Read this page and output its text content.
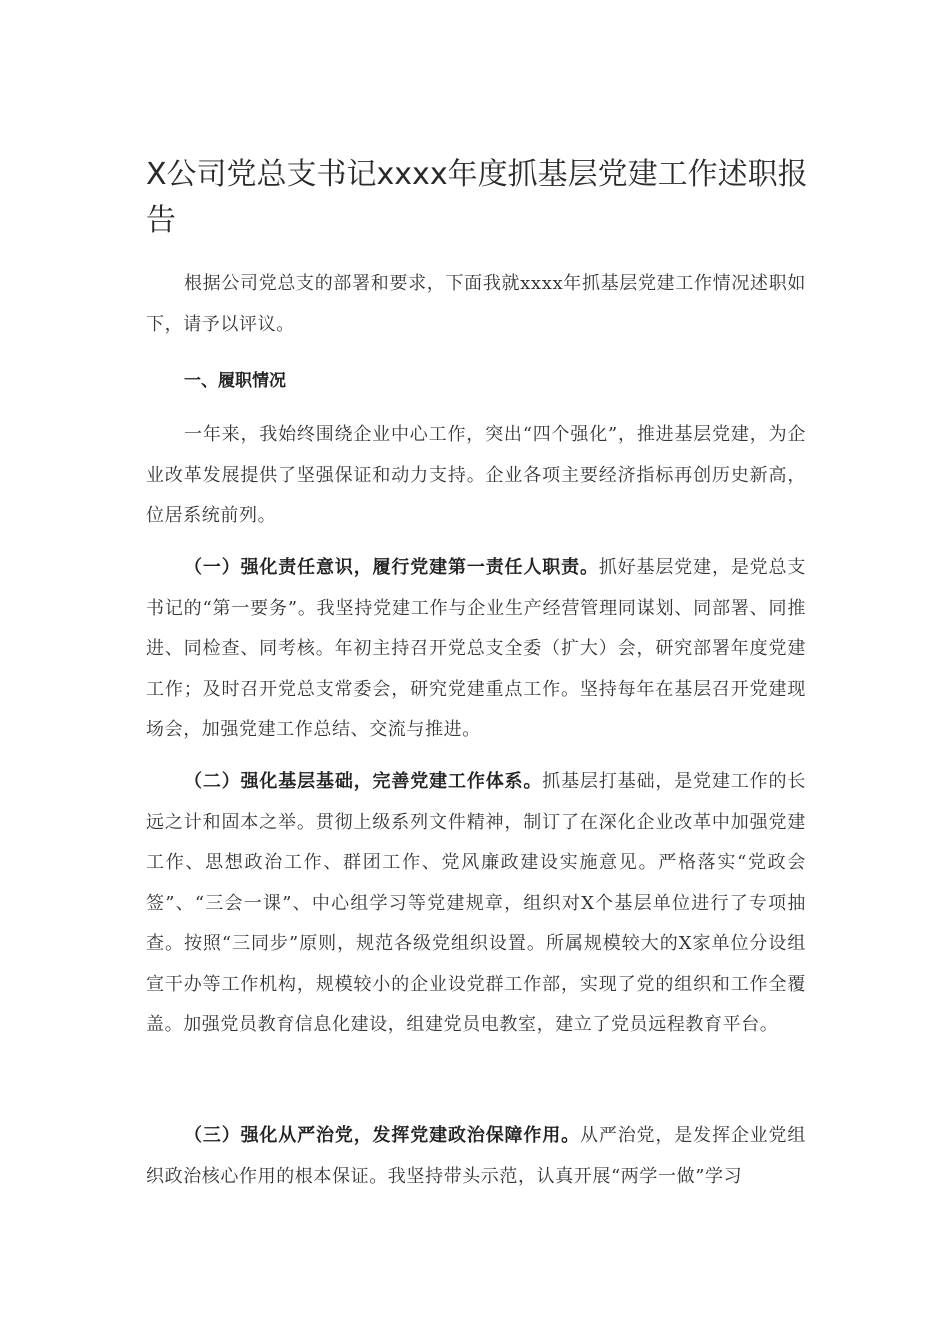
X公司党总支书记xxxx年度抓基层党建工作述职报告

根据公司党总支的部署和要求，下面我就xxxx年抓基层党建工作情况述职如下，请予以评议。

一、履职情况

一年来，我始终围绕企业中心工作，突出“四个强化”，推进基层党建，为企业改革发展提供了坚强保证和动力支持。企业各项主要经济指标再创历史新高，位居系统前列。

（一）强化责任意识，履行党建第一责任人职责。抓好基层党建，是党总支书记的“第一要务”。我坚持党建工作与企业生产经营管理同谋划、同部署、同推进、同检查、同考核。年初主持召开党总支全委（扩大）会，研究部署年度党建工作；及时召开党总支常委会，研究党建重点工作。坚持每年在基层召开党建现场会，加强党建工作总结、交流与推进。

（二）强化基层基础，完善党建工作体系。抓基层打基础，是党建工作的长远之计和固本之举。贯彻上级系列文件精神，制订了在深化企业改革中加强党建工作、思想政治工作、群团工作、党风廉政建设实施意见。严格落实“党政会签”、“三会一课”、中心组学习等党建规章，组织对X个基层单位进行了专项抽查。按照“三同步”原则，规范各级党组织设置。所属规模较大的X家单位分设组宣干办等工作机构，规模较小的企业设党群工作部，实现了党的组织和工作全覆盖。加强党员教育信息化建设，组建党员电教室，建立了党员远程教育平台。

（三）强化从严治党，发挥党建政治保障作用。从严治党，是发挥企业党组织政治核心作用的根本保证。我坚持带头示范，认真开展“两学一做”学习
